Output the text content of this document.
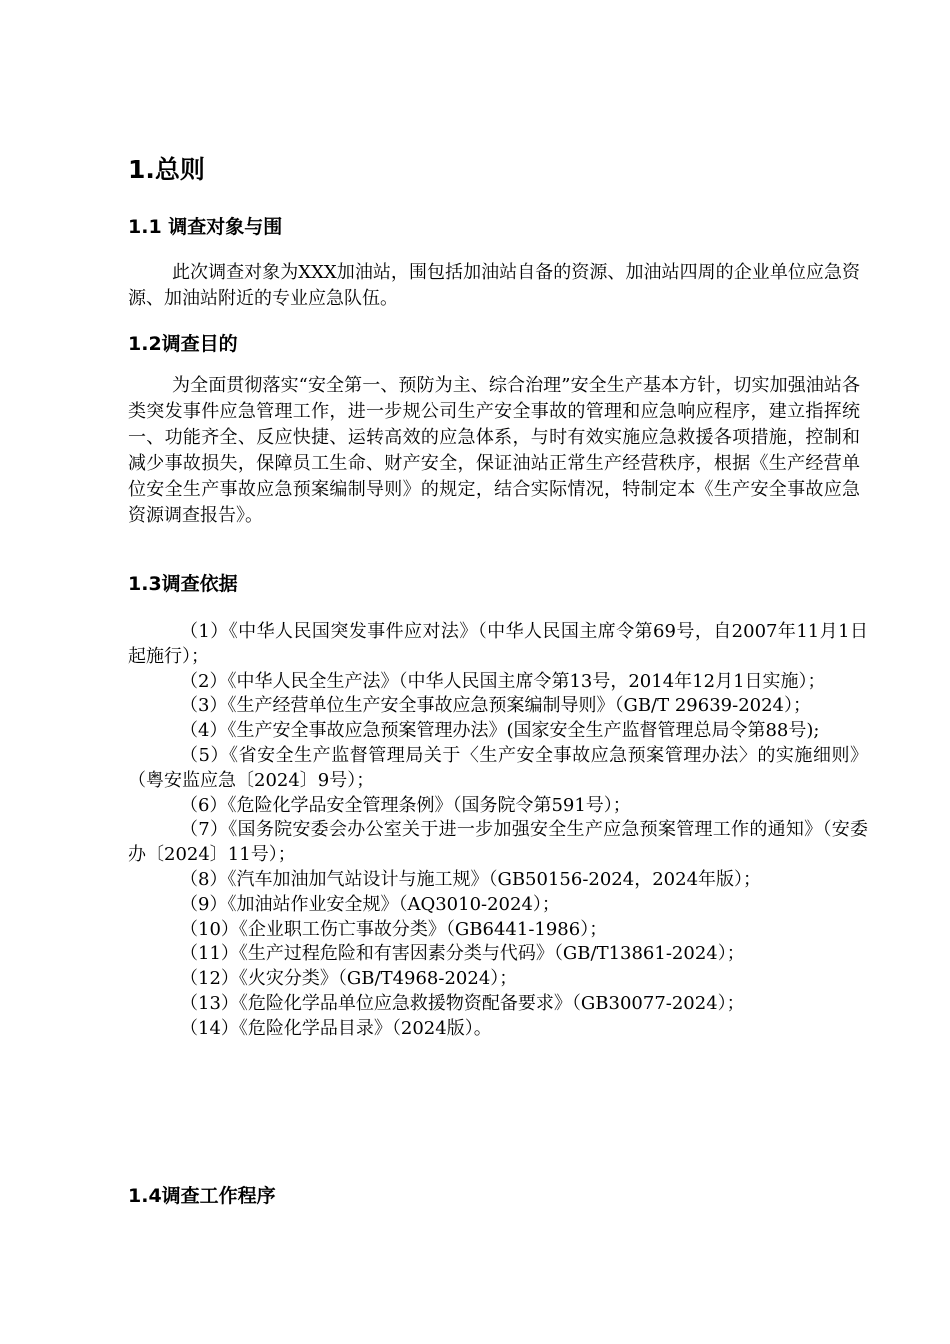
1.总则
1.1 调查对象与围

此次调查对象为XXX加油站，围包括加油站自备的资源、加油站四周的企业单位应急资源、加油站附近的专业应急队伍。

1.2调查目的

为全面贯彻落实“安全第一、预防为主、综合治理”安全生产基本方针，切实加强油站各类突发事件应急管理工作，进一步规公司生产安全事故的管理和应急响应程序，建立指挥统一、功能齐全、反应快捷、运转高效的应急体系，与时有效实施应急救援各项措施，控制和减少事故损失，保障员工生命、财产安全，保证油站正常生产经营秩序，根据《生产经营单位安全生产事故应急预案编制导则》的规定，结合实际情况，特制定本《生产安全事故应急资源调查报告》。

1.3调查依据

（1）《中华人民国突发事件应对法》（中华人民国主席令第69号，自2007年11月1日起施行）；

（2）《中华人民全生产法》（中华人民国主席令第13号，2014年12月1日实施）；

（3）《生产经营单位生产安全事故应急预案编制导则》（GB/T 29639-2024）；

（4）《生产安全事故应急预案管理办法》(国家安全生产监督管理总局令第88号);

（5）《省安全生产监督管理局关于〈生产安全事故应急预案管理办法〉的实施细则》（粤安监应急〔2024〕9号）；

（6）《危险化学品安全管理条例》（国务院令第591号）；

（7）《国务院安委会办公室关于进一步加强安全生产应急预案管理工作的通知》（安委办〔2024〕11号）；

（8）《汽车加油加气站设计与施工规》（GB50156-2024，2024年版）；

（9）《加油站作业安全规》（AQ3010-2024）；

（10）《企业职工伤亡事故分类》（GB6441-1986）；

（11）《生产过程危险和有害因素分类与代码》（GB/T13861-2024）；

（12）《火灾分类》（GB/T4968-2024）；

（13）《危险化学品单位应急救援物资配备要求》（GB30077-2024）；

（14）《危险化学品目录》（2024版）。

1.4调查工作程序
